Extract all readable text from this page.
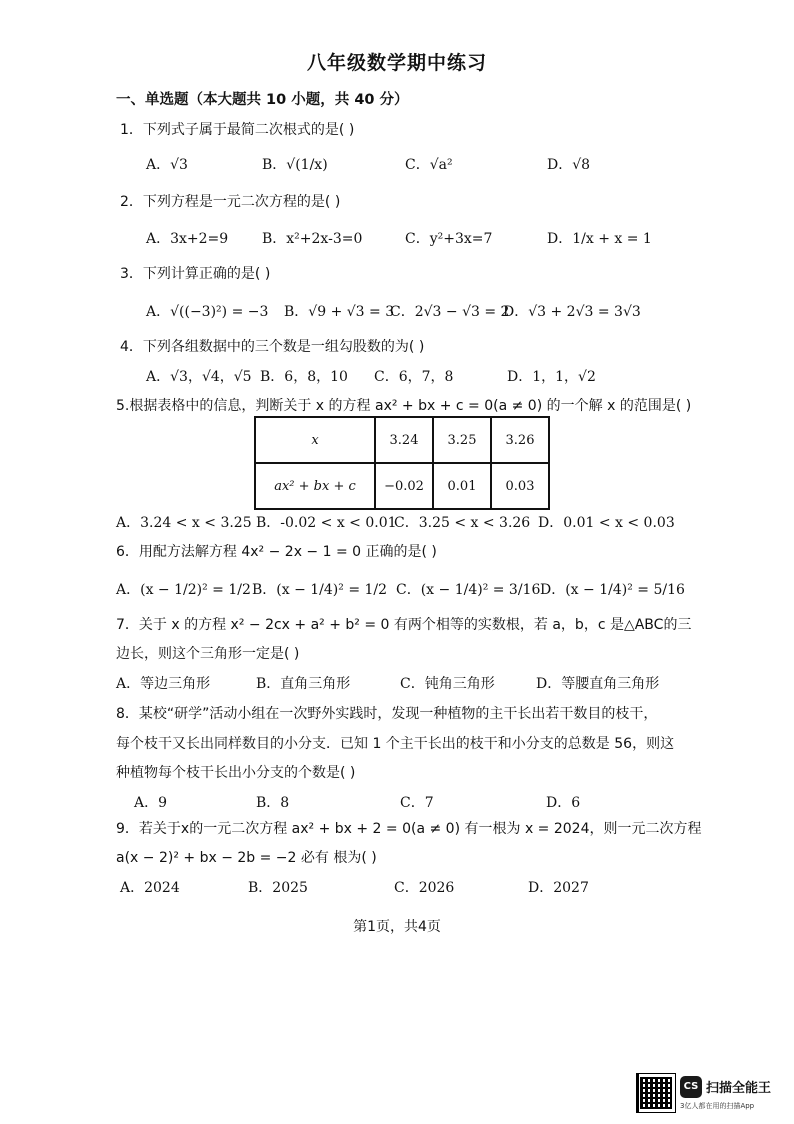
八年级数学期中练习
一、单选题（本大题共 10 小题，共 40 分）
1．下列式子属于最简二次根式的是( )
A．√3	B．√(1/x)	C．√a²	D．√8
2．下列方程是一元二次方程的是( )
A．3x+2=9 B．x²+2x-3=0	C．y²+3x=7	D．1/x + x = 1
3．下列计算正确的是( )
A．√((−3)²) = −3 B．√9 + √3 = 3
C．2√3 − √3 = 2
D．√3 + 2√3 = 3√3
4．下列各组数据中的三个数是一组勾股数的为( )
A．√3，√4，√5 B．6，8，10 C．6，7，8	D．1，1，√2
5.根据表格中的信息，判断关于 x 的方程 ax² + bx + c = 0(a ≠ 0) 的一个解 x 的范围是( )
x	3.24	3.25	3.26
ax² + bx + c	−0.02	0.01	0.03
A．3.24 < x < 3.25 B．-0.02 < x < 0.01
C．3.25 < x < 3.26 D．0.01 < x < 0.03
6．用配方法解方程 4x² − 2x − 1 = 0 正确的是( )
A．(x − 1/2)² = 1/2 B．(x − 1/4)² = 1/2 C．(x − 1/4)² = 3/16 D．(x − 1/4)² = 5/16
7．关于 x 的方程 x² − 2cx + a² + b² = 0 有两个相等的实数根，若 a，b，c 是△ABC的三
边长，则这个三角形一定是( )
A．等边三角形	B．直角三角形	C．钝角三角形	D．等腰直角三角形
8．某校“研学”活动小组在一次野外实践时，发现一种植物的主干长出若干数目的枝干，
每个枝干又长出同样数目的小分支．已知 1 个主干长出的枝干和小分支的总数是 56，则这
种植物每个枝干长出小分支的个数是( )
A．9	B．8	C．7	D．6
9．若关于x的一元二次方程 ax² + bx + 2 = 0(a ≠ 0) 有一根为 x = 2024，则一元二次方程
a(x − 2)² + bx − 2b = −2 必有 根为( )
A．2024	B．2025	C．2026	D．2027
第1页，共4页
CS 扫描全能王
3亿人都在用的扫描App
